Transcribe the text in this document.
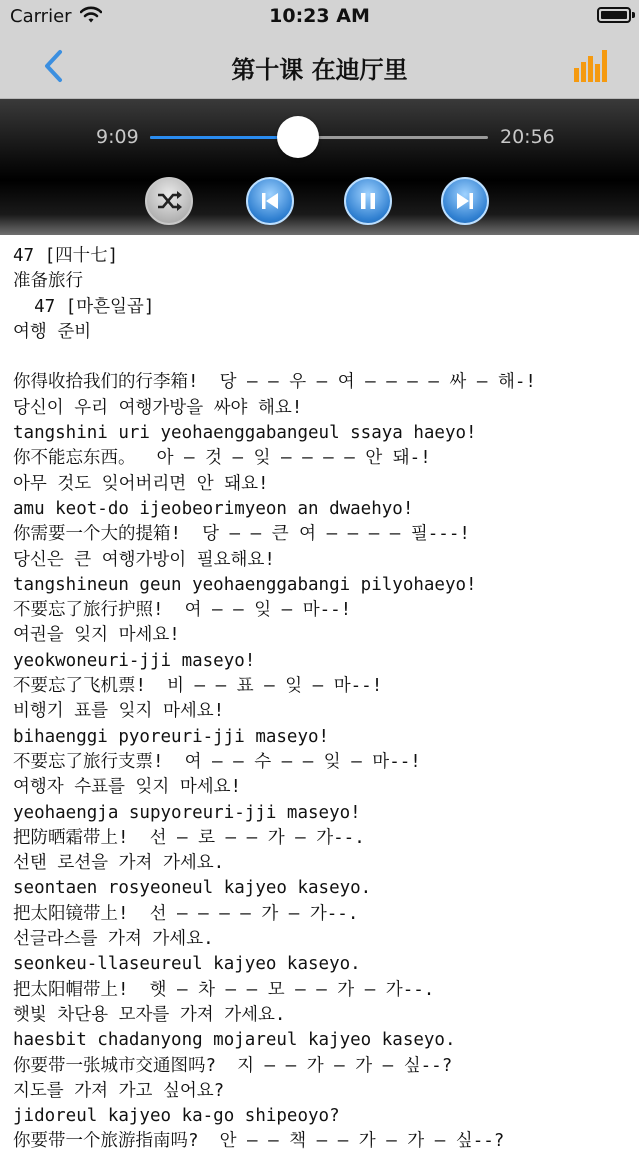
Carrier	10:23 AM
第十课 在迪厅里
9:09	20:56
47 [四十七]
准备旅行
47 [마흔일곱]
여행 준비
你得收拾我们的行李箱!  당 — — 우 — 여 — — — — 싸 — 해-!
당신이 우리 여행가방을 싸야 해요!
tangshini uri yeohaenggabangeul ssaya haeyo!
你不能忘东西。  아 — 것 — 잊 — — — — 안 돼-!
아무 것도 잊어버리면 안 돼요!
amu keot-do ijeobeorimyeon an dwaehyo!
你需要一个大的提箱!  당 — — 큰 여 — — — — 필---!
당신은 큰 여행가방이 필요해요!
tangshineun geun yeohaenggabangi pilyohaeyo!
不要忘了旅行护照!  여 — — 잊 — 마--!
여권을 잊지 마세요!
yeokwoneuri-jji maseyo!
不要忘了飞机票!  비 — — 표 — 잊 — 마--!
비행기 표를 잊지 마세요!
bihaenggi pyoreuri-jji maseyo!
不要忘了旅行支票!  여 — — 수 — — 잊 — 마--!
여행자 수표를 잊지 마세요!
yeohaengja supyoreuri-jji maseyo!
把防晒霜带上!  선 — 로 — — 가 — 가--.
선탠 로션을 가져 가세요.
seontaen rosyeoneul kajyeo kaseyo.
把太阳镜带上!  선 — — — — 가 — 가--.
선글라스를 가져 가세요.
seonkeu-llaseureul kajyeo kaseyo.
把太阳帽带上!  햇 — 차 — — 모 — — 가 — 가--.
햇빛 차단용 모자를 가져 가세요.
haesbit chadanyong mojareul kajyeo kaseyo.
你要带一张城市交通图吗?  지 — — 가 — 가 — 싶--?
지도를 가져 가고 싶어요?
jidoreul kajyeo ka-go shipeoyo?
你要带一个旅游指南吗?  안 — — 책 — — 가 — 가 — 싶--?
